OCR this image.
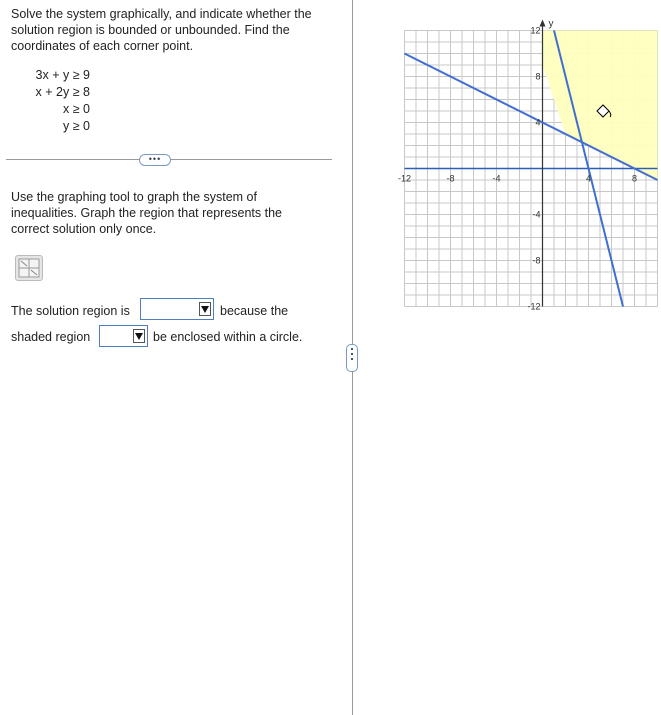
Solve the system graphically, and indicate whether the solution region is bounded or unbounded. Find the coordinates of each corner point.
3x + y ≥ 9
x + 2y ≥ 8
x ≥ 0
y ≥ 0
•••
Use the graphing tool to graph the system of inequalities. Graph the region that represents the correct solution only once.
The solution region is	because the
shaded region	be enclosed within a circle.
-12	-8	-4	4	8
12
8
4
-4
-8
-12
y
